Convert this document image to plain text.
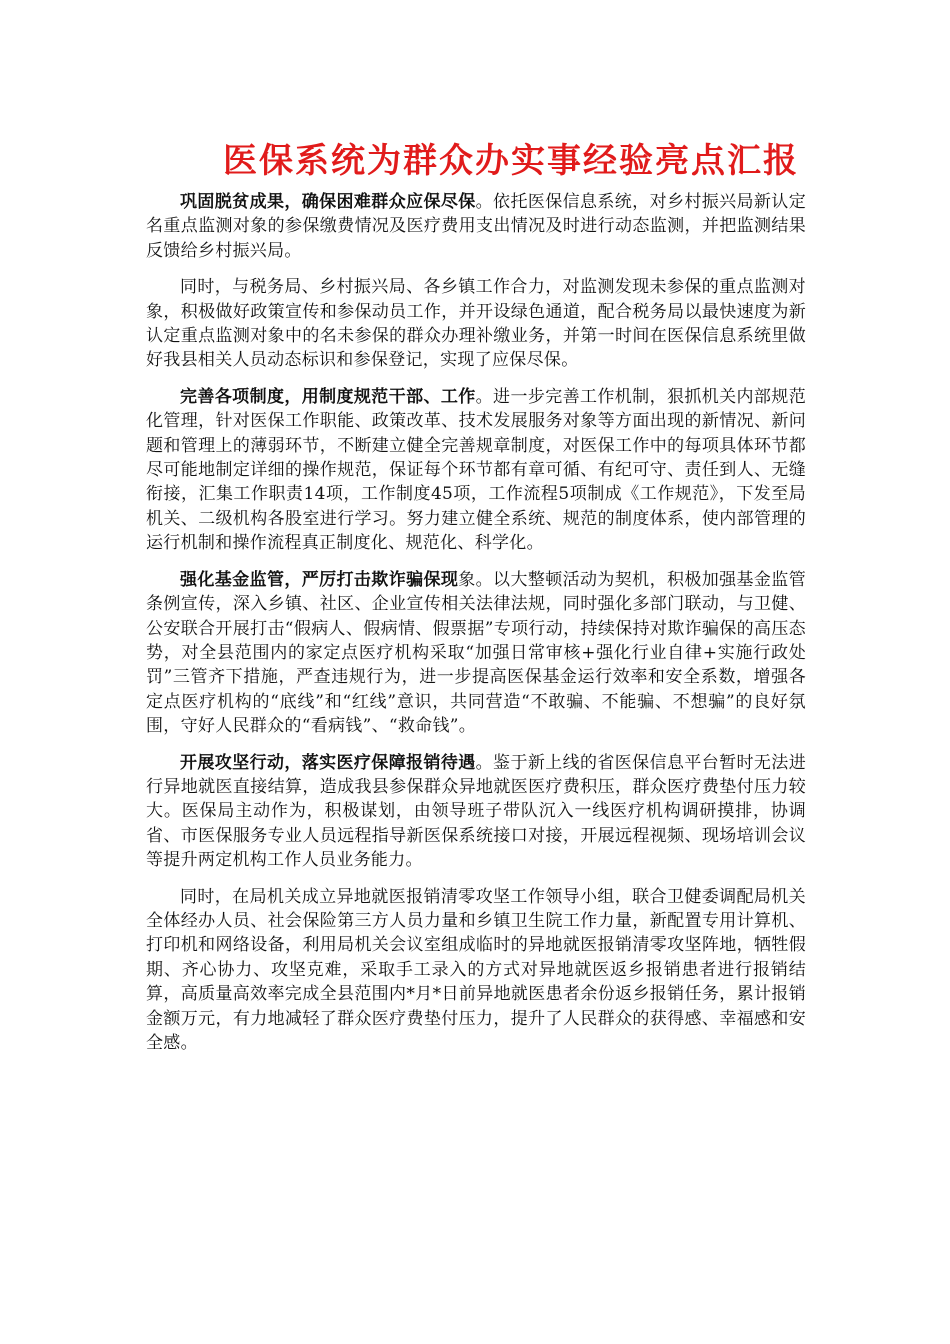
医保系统为群众办实事经验亮点汇报

巩固脱贫成果，确保困难群众应保尽保。依托医保信息系统，对乡村振兴局新认定名重点监测对象的参保缴费情况及医疗费用支出情况及时进行动态监测，并把监测结果反馈给乡村振兴局。

同时，与税务局、乡村振兴局、各乡镇工作合力，对监测发现未参保的重点监测对象，积极做好政策宣传和参保动员工作，并开设绿色通道，配合税务局以最快速度为新认定重点监测对象中的名未参保的群众办理补缴业务，并第一时间在医保信息系统里做好我县相关人员动态标识和参保登记，实现了应保尽保。

完善各项制度，用制度规范干部、工作。进一步完善工作机制，狠抓机关内部规范化管理，针对医保工作职能、政策改革、技术发展服务对象等方面出现的新情况、新问题和管理上的薄弱环节，不断建立健全完善规章制度，对医保工作中的每项具体环节都尽可能地制定详细的操作规范，保证每个环节都有章可循、有纪可守、责任到人、无缝衔接，汇集工作职责14项，工作制度45项，工作流程5项制成《工作规范》，下发至局机关、二级机构各股室进行学习。努力建立健全系统、规范的制度体系，使内部管理的运行机制和操作流程真正制度化、规范化、科学化。

强化基金监管，严厉打击欺诈骗保现象。以大整顿活动为契机，积极加强基金监管条例宣传，深入乡镇、社区、企业宣传相关法律法规，同时强化多部门联动，与卫健、公安联合开展打击“假病人、假病情、假票据”专项行动，持续保持对欺诈骗保的高压态势，对全县范围内的家定点医疗机构采取“加强日常审核+强化行业自律+实施行政处罚”三管齐下措施，严查违规行为，进一步提高医保基金运行效率和安全系数，增强各定点医疗机构的“底线”和“红线”意识，共同营造“不敢骗、不能骗、不想骗”的良好氛围，守好人民群众的“看病钱”、“救命钱”。

开展攻坚行动，落实医疗保障报销待遇。鉴于新上线的省医保信息平台暂时无法进行异地就医直接结算，造成我县参保群众异地就医医疗费积压，群众医疗费垫付压力较大。医保局主动作为，积极谋划，由领导班子带队沉入一线医疗机构调研摸排，协调省、市医保服务专业人员远程指导新医保系统接口对接，开展远程视频、现场培训会议等提升两定机构工作人员业务能力。

同时，在局机关成立异地就医报销清零攻坚工作领导小组，联合卫健委调配局机关全体经办人员、社会保险第三方人员力量和乡镇卫生院工作力量，新配置专用计算机、打印机和网络设备，利用局机关会议室组成临时的异地就医报销清零攻坚阵地，牺牲假期、齐心协力、攻坚克难，采取手工录入的方式对异地就医返乡报销患者进行报销结算，高质量高效率完成全县范围内*月*日前异地就医患者余份返乡报销任务，累计报销金额万元，有力地减轻了群众医疗费垫付压力，提升了人民群众的获得感、幸福感和安全感。
